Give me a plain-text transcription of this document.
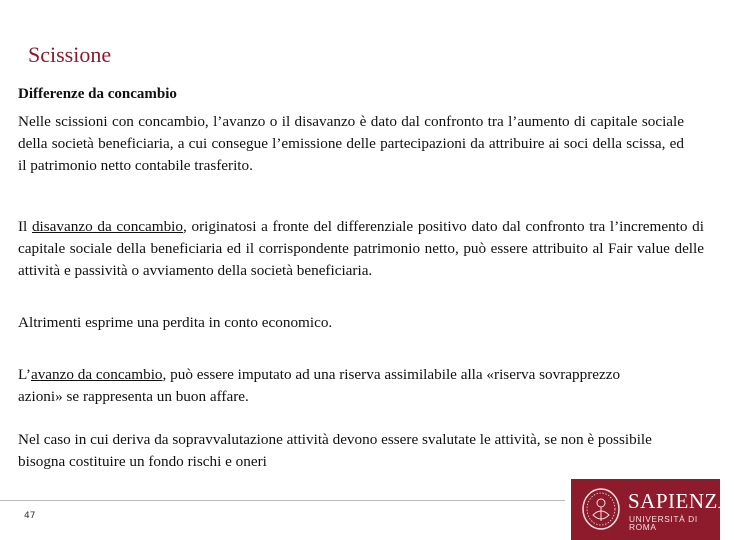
Scissione
Differenze da concambio

Nelle scissioni con concambio, l’avanzo o il disavanzo è dato dal confronto tra l’aumento di capitale sociale della società beneficiaria, a cui consegue l’emissione delle partecipazioni da attribuire ai soci della scissa, ed il patrimonio netto contabile trasferito.

Il disavanzo da concambio, originatosi a fronte del differenziale positivo dato dal confronto tra l’incremento di capitale sociale della beneficiaria ed il corrispondente patrimonio netto, può essere attribuito al Fair value delle attività e passività o avviamento della società beneficiaria.

Altrimenti esprime una perdita in conto economico.

L’avanzo da concambio, può essere imputato ad una riserva assimilabile alla «riserva sovrapprezzo azioni» se rappresenta un buon affare.

Nel caso in cui deriva da sopravvalutazione attività devono essere svalutate le attività, se non è possibile bisogna costituire un fondo rischi e oneri

47
SAPIENZA
UNIVERSITÀ DI ROMA
